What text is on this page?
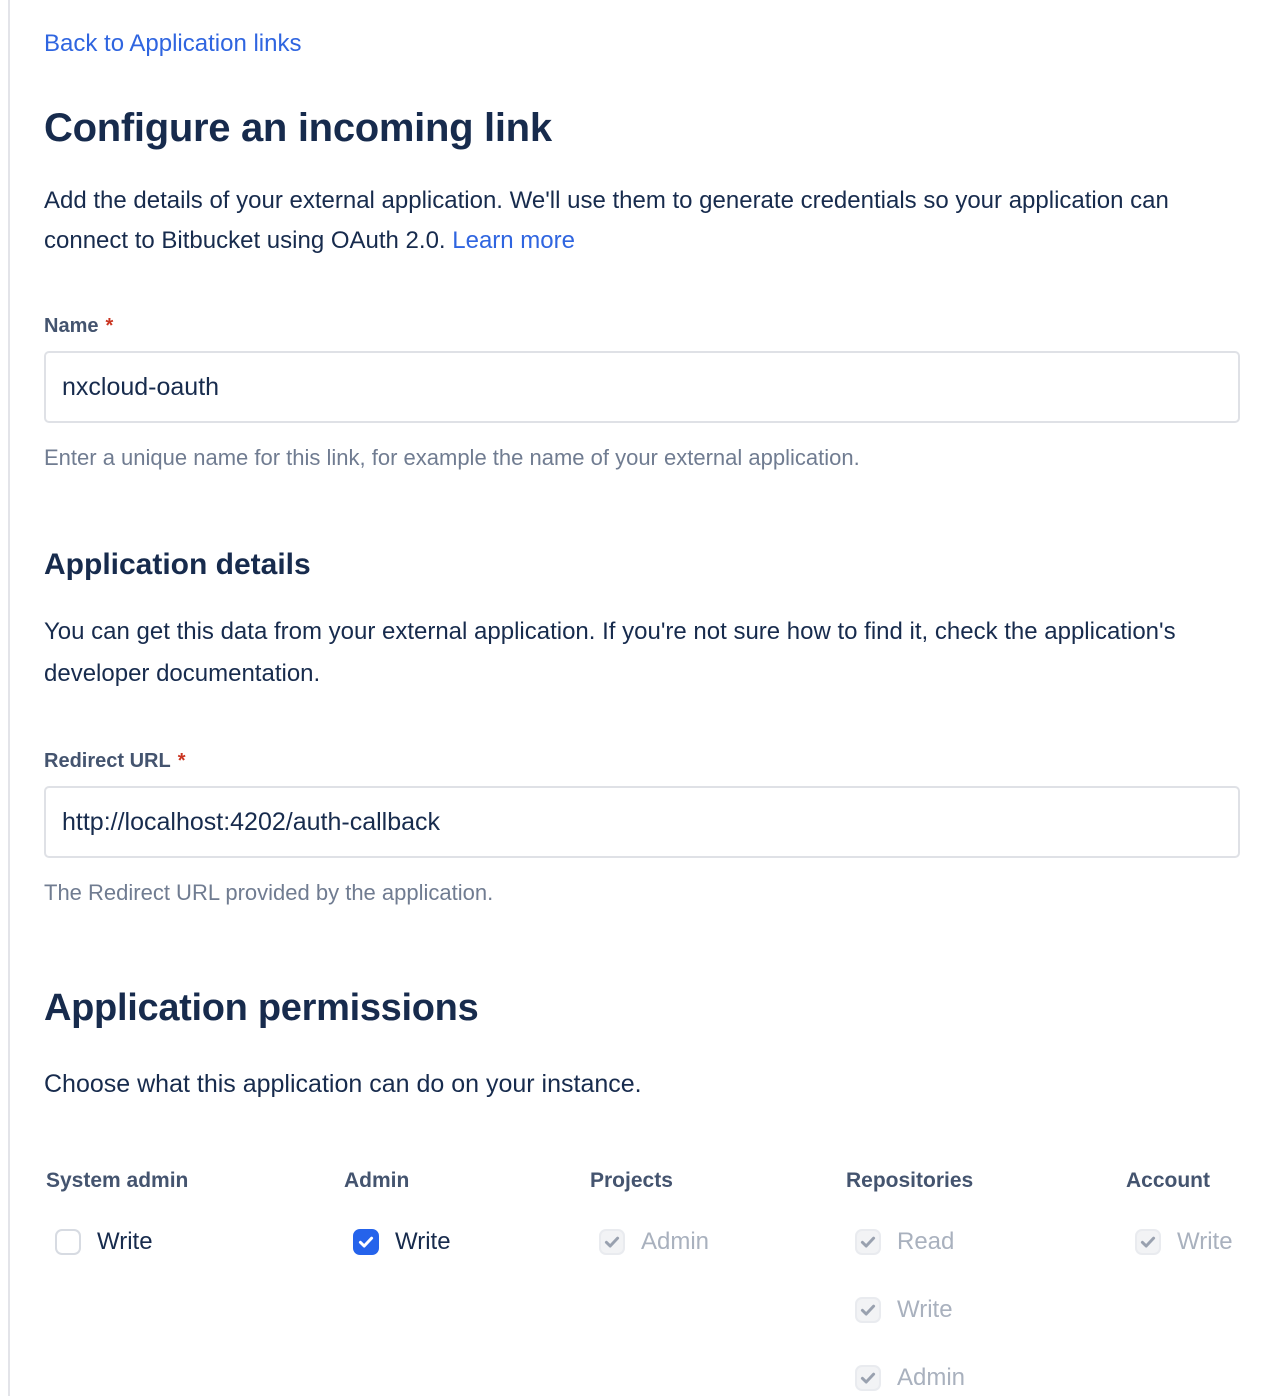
Back to Application links
Configure an incoming link

Add the details of your external application. We'll use them to generate credentials so your application can connect to Bitbucket using OAuth 2.0. Learn more

Name *
nxcloud-oauth
Enter a unique name for this link, for example the name of your external application.
Application details

You can get this data from your external application. If you're not sure how to find it, check the application's developer documentation.

Redirect URL *
http://localhost:4202/auth-callback
The Redirect URL provided by the application.
Application permissions

Choose what this application can do on your instance.

System admin
Write
Admin
Write
Projects
Admin
Repositories
Read
Write
Admin
Account
Write
